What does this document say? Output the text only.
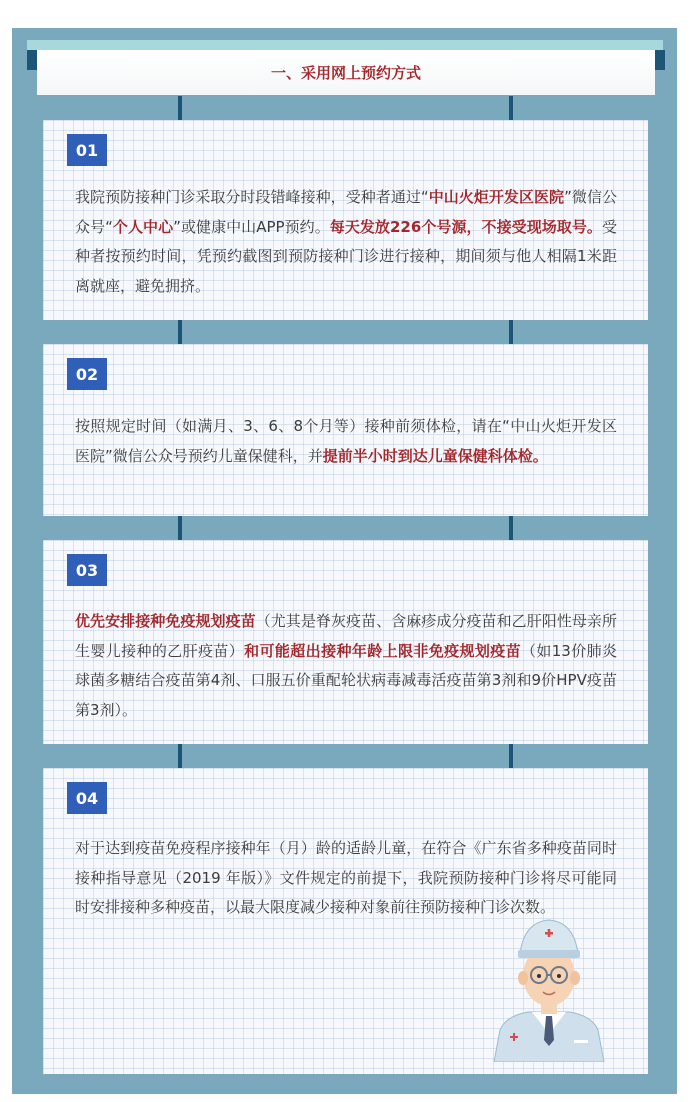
一、采用网上预约方式
01
我院预防接种门诊采取分时段错峰接种，受种者通过“中山火炬开发区医院”微信公众号“个人中心”或健康中山APP预约。每天发放226个号源，不接受现场取号。受种者按预约时间，凭预约截图到预防接种门诊进行接种，期间须与他人相隔1米距离就座，避免拥挤。
02
按照规定时间（如满月、3、6、8个月等）接种前须体检，请在“中山火炬开发区医院”微信公众号预约儿童保健科，并提前半小时到达儿童保健科体检。
03
优先安排接种免疫规划疫苗（尤其是脊灰疫苗、含麻疹成分疫苗和乙肝阳性母亲所生婴儿接种的乙肝疫苗）和可能超出接种年龄上限非免疫规划疫苗（如13价肺炎球菌多糖结合疫苗第4剂、口服五价重配轮状病毒减毒活疫苗第3剂和9价HPV疫苗第3剂）。
04
对于达到疫苗免疫程序接种年（月）龄的适龄儿童，在符合《广东省多种疫苗同时接种指导意见（2019 年版）》文件规定的前提下，我院预防接种门诊将尽可能同时安排接种多种疫苗，以最大限度减少接种对象前往预防接种门诊次数。
